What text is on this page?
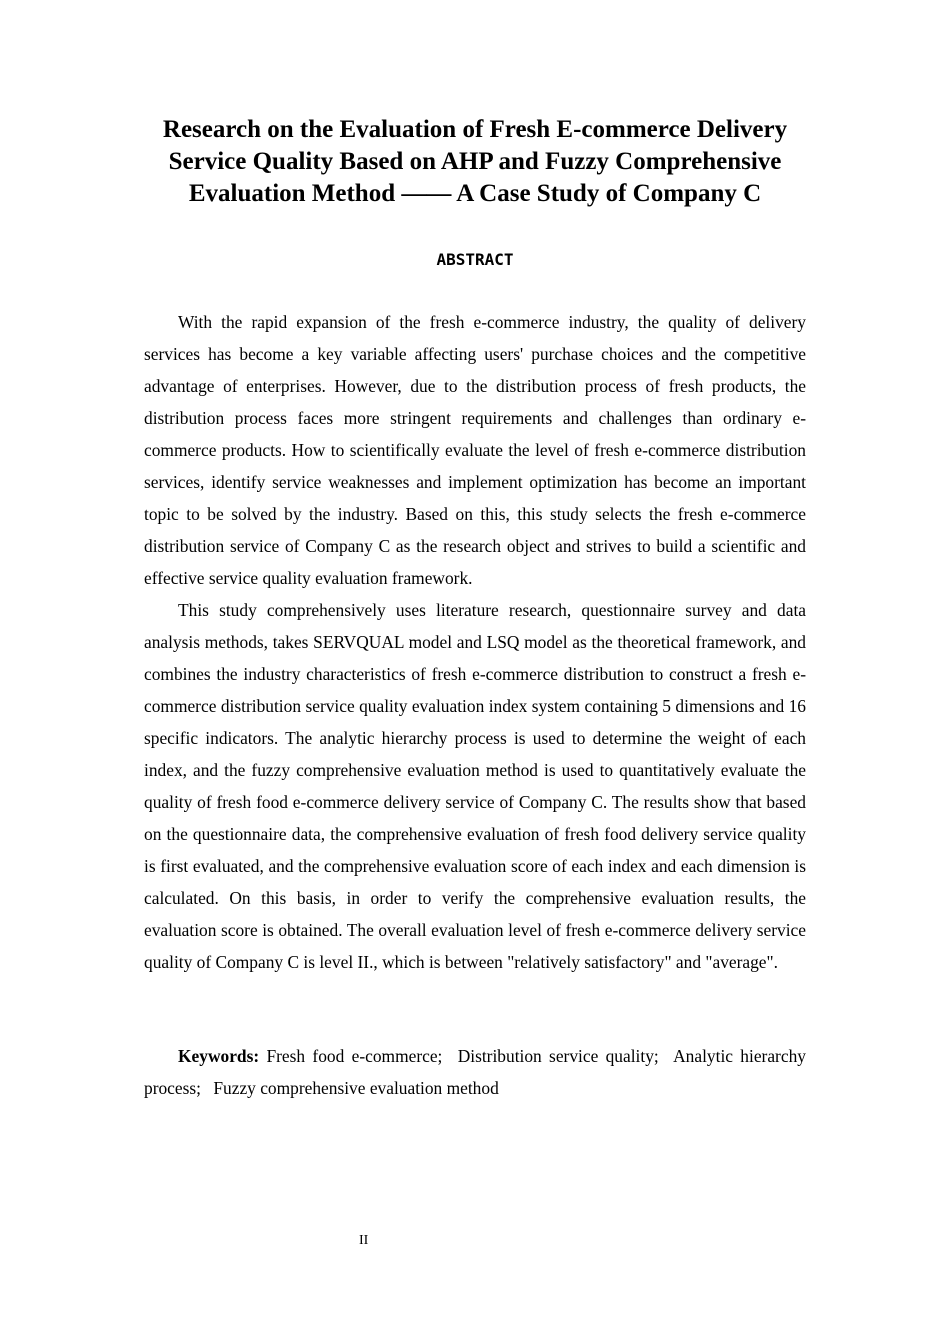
Research on the Evaluation of Fresh E-commerce Delivery Service Quality Based on AHP and Fuzzy Comprehensive Evaluation Method —— A Case Study of Company C
ABSTRACT

With the rapid expansion of the fresh e-commerce industry, the quality of delivery services has become a key variable affecting users' purchase choices and the competitive advantage of enterprises. However, due to the distribution process of fresh products, the distribution process faces more stringent requirements and challenges than ordinary e-commerce products. How to scientifically evaluate the level of fresh e-commerce distribution services, identify service weaknesses and implement optimization has become an important topic to be solved by the industry. Based on this, this study selects the fresh e-commerce distribution service of Company C as the research object and strives to build a scientific and effective service quality evaluation framework.

This study comprehensively uses literature research, questionnaire survey and data analysis methods, takes SERVQUAL model and LSQ model as the theoretical framework, and combines the industry characteristics of fresh e-commerce distribution to construct a fresh e-commerce distribution service quality evaluation index system containing 5 dimensions and 16 specific indicators. The analytic hierarchy process is used to determine the weight of each index, and the fuzzy comprehensive evaluation method is used to quantitatively evaluate the quality of fresh food e-commerce delivery service of Company C. The results show that based on the questionnaire data, the comprehensive evaluation of fresh food delivery service quality is first evaluated, and the comprehensive evaluation score of each index and each dimension is calculated. On this basis, in order to verify the comprehensive evaluation results, the evaluation score is obtained. The overall evaluation level of fresh e-commerce delivery service quality of Company C is level II., which is between "relatively satisfactory" and "average".

Keywords: Fresh food e-commerce; Distribution service quality; Analytic hierarchy process; Fuzzy comprehensive evaluation method

II
